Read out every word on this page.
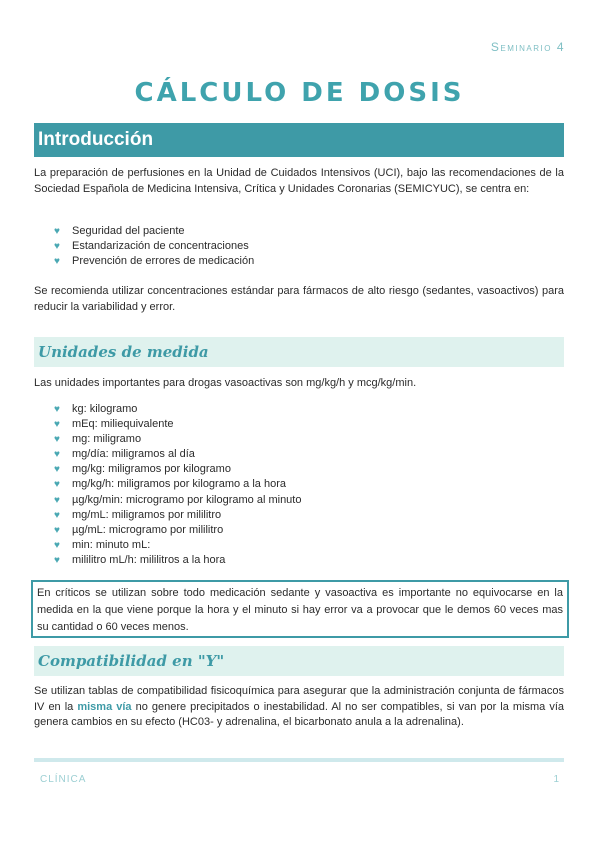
Seminario 4
CÁLCULO DE DOSIS
Introducción
La preparación de perfusiones en la Unidad de Cuidados Intensivos (UCI), bajo las recomendaciones de la Sociedad Española de Medicina Intensiva, Crítica y Unidades Coronarias (SEMICYUC), se centra en:
♥ Seguridad del paciente
♥ Estandarización de concentraciones
♥ Prevención de errores de medicación
Se recomienda utilizar concentraciones estándar para fármacos de alto riesgo (sedantes, vasoactivos) para reducir la variabilidad y error.
Unidades de medida
Las unidades importantes para drogas vasoactivas son mg/kg/h y mcg/kg/min.
♥ kg: kilogramo
♥ mEq: miliequivalente
♥ mg: miligramo
♥ mg/día: miligramos al día
♥ mg/kg: miligramos por kilogramo
♥ mg/kg/h: miligramos por kilogramo a la hora
♥ µg/kg/min: microgramo por kilogramo al minuto
♥ mg/mL: miligramos por mililitro
♥ µg/mL: microgramo por mililitro
♥ min: minuto mL:
♥ mililitro mL/h: mililitros a la hora
En críticos se utilizan sobre todo medicación sedante y vasoactiva es importante no equivocarse en la medida en la que viene porque la hora y el minuto si hay error va a provocar que le demos 60 veces mas su cantidad o 60 veces menos.
Compatibilidad en "Y"
Se utilizan tablas de compatibilidad fisicoquímica para asegurar que la administración conjunta de fármacos IV en la misma vía no genere precipitados o inestabilidad. Al no ser compatibles, si van por la misma vía genera cambios en su efecto (HC03- y adrenalina, el bicarbonato anula a la adrenalina).
CLÍNICA	1
